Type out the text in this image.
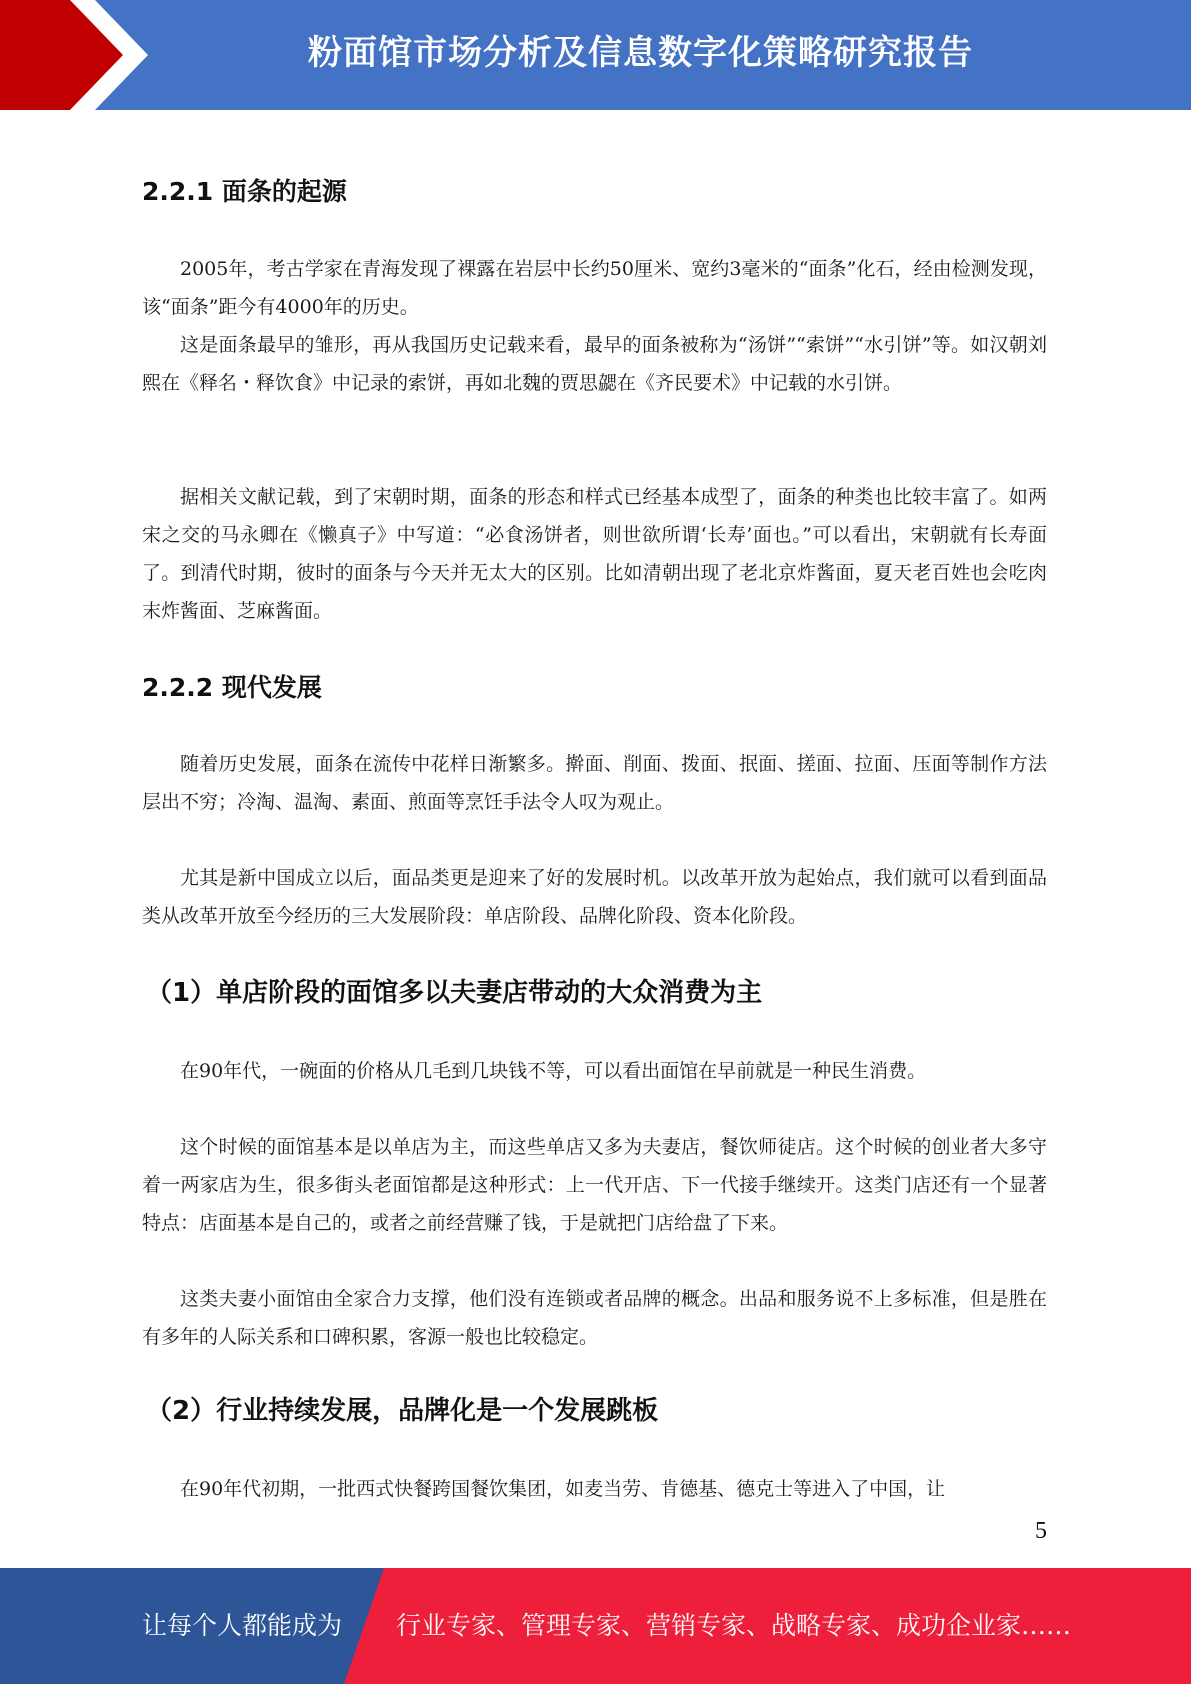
粉面馆市场分析及信息数字化策略研究报告
2.2.1 面条的起源

2005年，考古学家在青海发现了裸露在岩层中长约50厘米、宽约3毫米的“面条”化石，经由检测发现，该“面条”距今有4000年的历史。

这是面条最早的雏形，再从我国历史记载来看，最早的面条被称为“汤饼”“索饼”“水引饼”等。如汉朝刘熙在《释名・释饮食》中记录的索饼，再如北魏的贾思勰在《齐民要术》中记载的水引饼。

据相关文献记载，到了宋朝时期，面条的形态和样式已经基本成型了，面条的种类也比较丰富了。如两宋之交的马永卿在《懒真子》中写道：“必食汤饼者，则世欲所谓‘长寿’面也。”可以看出，宋朝就有长寿面了。到清代时期，彼时的面条与今天并无太大的区别。比如清朝出现了老北京炸酱面，夏天老百姓也会吃肉末炸酱面、芝麻酱面。

2.2.2 现代发展

随着历史发展，面条在流传中花样日渐繁多。擀面、削面、拨面、抿面、搓面、拉面、压面等制作方法层出不穷；冷淘、温淘、素面、煎面等烹饪手法令人叹为观止。

尤其是新中国成立以后，面品类更是迎来了好的发展时机。以改革开放为起始点，我们就可以看到面品类从改革开放至今经历的三大发展阶段：单店阶段、品牌化阶段、资本化阶段。

（1）单店阶段的面馆多以夫妻店带动的大众消费为主

在90年代，一碗面的价格从几毛到几块钱不等，可以看出面馆在早前就是一种民生消费。

这个时候的面馆基本是以单店为主，而这些单店又多为夫妻店，餐饮师徒店。这个时候的创业者大多守着一两家店为生，很多街头老面馆都是这种形式：上一代开店、下一代接手继续开。这类门店还有一个显著特点：店面基本是自己的，或者之前经营赚了钱，于是就把门店给盘了下来。

这类夫妻小面馆由全家合力支撑，他们没有连锁或者品牌的概念。出品和服务说不上多标准，但是胜在有多年的人际关系和口碑积累，客源一般也比较稳定。

（2）行业持续发展，品牌化是一个发展跳板

在90年代初期，一批西式快餐跨国餐饮集团，如麦当劳、肯德基、德克士等进入了中国，让

5
让每个人都能成为 行业专家、管理专家、营销专家、战略专家、成功企业家……
